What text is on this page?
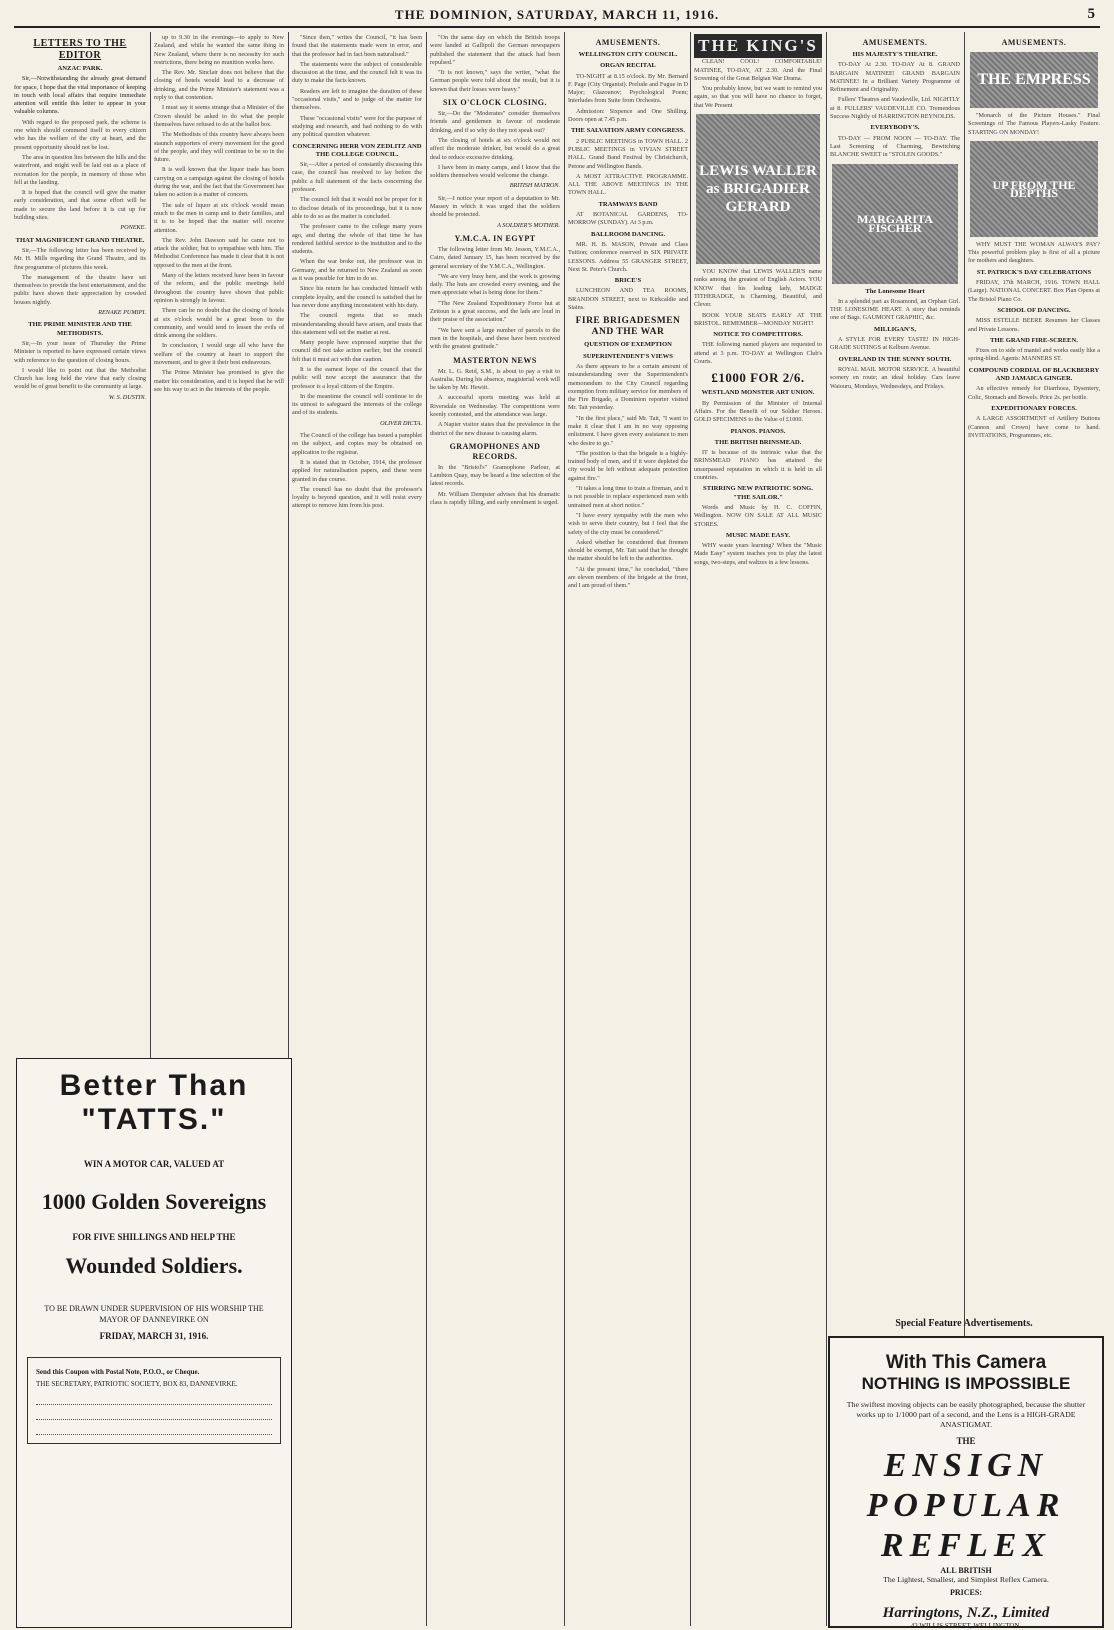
THE DOMINION, SATURDAY, MARCH 11, 1916.	5
LETTERS TO THE EDITOR
ANZAC PARK.

Sir,—Notwithstanding the already great demand for space, I hope that the vital importance of keeping in touch with local affairs that require immediate attention will entitle this letter to appear in your valuable columns.

With regard to the proposed park, the scheme is one which should commend itself to every citizen who has the welfare of the city at heart, and the present opportunity should not be lost.

The area in question lies between the hills and the waterfront, and might well be laid out as a place of recreation for the people, in memory of those who fell at the landing.

It is hoped that the council will give the matter early consideration, and that some effort will be made to secure the land before it is cut up for building sites.

PONEKE.
THAT MAGNIFICENT GRAND THEATRE.

Sir,—The following letter has been received by Mr. H. Mills regarding the Grand Theatre, and its fine programme of pictures this week.

The management of the theatre have set themselves to provide the best entertainment, and the public have shown their appreciation by crowded houses nightly.

RENAKE PUMIPI.
THE PRIME MINISTER AND THE METHODISTS.

Sir,—In your issue of Thursday the Prime Minister is reported to have expressed certain views with reference to the question of closing hours.

I would like to point out that the Methodist Church has long held the view that early closing would be of great benefit to the community at large.

W. S. DUSTIN.
Better Than "TATTS."
WIN A MOTOR CAR, VALUED AT
1000 Golden Sovereigns
FOR FIVE SHILLINGS AND HELP THE
Wounded Soldiers.
TO BE DRAWN UNDER SUPERVISION OF HIS WORSHIP THE MAYOR OF DANNEVIRKE ON
FRIDAY, MARCH 31, 1916.
Send this Coupon with Postal Note, P.O.O., or Cheque.
THE SECRETARY, PATRIOTIC SOCIETY, BOX 83, DANNEVIRKE.

up to 9.30 in the evenings—to apply to New Zealand, and while he wanted the same thing in New Zealand, where there is no necessity for such restrictions, there being no munition works here.

The Rev. Mr. Sinclair does not believe that the closing of hotels would lead to a decrease of drinking, and the Prime Minister's statement was a reply to that contention.

I must say it seems strange that a Minister of the Crown should be asked to do what the people themselves have refused to do at the ballot box.

The Methodists of this country have always been staunch supporters of every movement for the good of the people, and they will continue to be so in the future.

It is well known that the liquor trade has been carrying on a campaign against the closing of hotels during the war, and the fact that the Government has taken no action is a matter of concern.

The sale of liquor at six o'clock would mean much to the men in camp and to their families, and it is to be hoped that the matter will receive attention.

The Rev. John Dawson said he came not to attack the soldier, but to sympathise with him. The Methodist Conference has made it clear that it is not opposed to the men at the front.

Many of the letters received have been in favour of the reform, and the public meetings held throughout the country have shown that public opinion is strongly in favour.

There can be no doubt that the closing of hotels at six o'clock would be a great boon to the community, and would tend to lessen the evils of drink among the soldiers.

In conclusion, I would urge all who have the welfare of the country at heart to support the movement, and to give it their best endeavours.

The Prime Minister has promised to give the matter his consideration, and it is hoped that he will see his way to act in the interests of the people.

"Since then," writes the Council, "it has been found that the statements made were in error, and that the professor had in fact been naturalised."

The statements were the subject of considerable discussion at the time, and the council felt it was its duty to make the facts known.

Readers are left to imagine the duration of these "occasional visits," and to judge of the matter for themselves.

These "occasional visits" were for the purpose of studying and research, and had nothing to do with any political question whatever.

CONCERNING HERR VON ZEDLITZ AND THE COLLEGE COUNCIL.

Sir,—After a period of constantly discussing this case, the council has resolved to lay before the public a full statement of the facts concerning the professor.

The council felt that it would not be proper for it to disclose details of its proceedings, but it is now able to do so as the matter is concluded.

The professor came to the college many years ago, and during the whole of that time he has rendered faithful service to the institution and to the students.

When the war broke out, the professor was in Germany, and he returned to New Zealand as soon as it was possible for him to do so.

Since his return he has conducted himself with complete loyalty, and the council is satisfied that he has never done anything inconsistent with his duty.

The council regrets that so much misunderstanding should have arisen, and trusts that this statement will set the matter at rest.

Many people have expressed surprise that the council did not take action earlier, but the council felt that it must act with due caution.

It is the earnest hope of the council that the public will now accept the assurance that the professor is a loyal citizen of the Empire.

In the meantime the council will continue to do its utmost to safeguard the interests of the college and of its students.

OLIVER DICTA.

The Council of the college has issued a pamphlet on the subject, and copies may be obtained on application to the registrar.

It is stated that in October, 1914, the professor applied for naturalisation papers, and these were granted in due course.

The council has no doubt that the professor's loyalty is beyond question, and it will resist every attempt to remove him from his post.

"On the same day on which the British troops were landed at Gallipoli the German newspapers published the statement that the attack had been repulsed."

"It is not known," says the writer, "what the German people were told about the result, but it is known that their losses were heavy."

SIX O'CLOCK CLOSING.

Sir,—Do the "Moderates" consider themselves friends and gentlemen in favour of moderate drinking, and if so why do they not speak out?

The closing of hotels at six o'clock would not affect the moderate drinker, but would do a great deal to reduce excessive drinking.

I have been in many camps, and I know that the soldiers themselves would welcome the change.

BRITISH MATRON.

Sir,—I notice your report of a deputation to Mr. Massey in which it was urged that the soldiers should be protected.

A SOLDIER'S MOTHER.
Y.M.C.A. IN EGYPT

The following letter from Mr. Jesson, Y.M.C.A., Cairo, dated January 15, has been received by the general secretary of the Y.M.C.A., Wellington.

"We are very busy here, and the work is growing daily. The huts are crowded every evening, and the men appreciate what is being done for them."

"The New Zealand Expeditionary Force hut at Zeitoun is a great success, and the lads are loud in their praise of the association."

"We have sent a large number of parcels to the men in the hospitals, and these have been received with the greatest gratitude."

MASTERTON NEWS

Mr. L. G. Reid, S.M., is about to pay a visit to Australia. During his absence, magisterial work will be taken by Mr. Hewitt.

A successful sports meeting was held at Riversdale on Wednesday. The competitions were keenly contested, and the attendance was large.

A Napier visitor states that the prevalence in the district of the new disease is causing alarm.

GRAMOPHONES AND RECORDS.

In the "Bristol's" Gramophone Parlour, at Lambton Quay, may be heard a fine selection of the latest records.

Mr. William Dempster advises that his dramatic class is rapidly filling, and early enrolment is urged.

AMUSEMENTS.
WELLINGTON CITY COUNCIL.
ORGAN RECITAL

TO-NIGHT at 8.15 o'clock. By Mr. Bernard F. Page (City Organist). Prelude and Fugue in D Major; Glazounov; Psychological Poem; Interludes from Suite from Orchestra.

Admission: Sixpence and One Shilling. Doors open at 7.45 p.m.

THE SALVATION ARMY CONGRESS.

2 PUBLIC MEETINGS in TOWN HALL. 2 PUBLIC MEETINGS in VIVIAN STREET HALL. Grand Band Festival by Christchurch, Petone and Wellington Bands.

A MOST ATTRACTIVE PROGRAMME. ALL THE ABOVE MEETINGS IN THE TOWN HALL.

TRAMWAYS BAND

AT BOTANICAL GARDENS, TO-MORROW (SUNDAY). At 3 p.m.

BALLROOM DANCING.

MR. H. B. MASON, Private and Class Tuition; conference reserved in SIX PRIVATE LESSONS. Address 55 GRANGER STREET, Next St. Peter's Church.

BRICE'S

LUNCHEON AND TEA ROOMS, BRANDON STREET, next to Kirkcaldie and Stains.

FIRE BRIGADESMEN AND THE WAR
QUESTION OF EXEMPTION
SUPERINTENDENT'S VIEWS

As there appears to be a certain amount of misunderstanding over the Superintendent's memorandum to the City Council regarding exemption from military service for members of the Fire Brigade, a Dominion reporter visited Mr. Tait yesterday.

"In the first place," said Mr. Tait, "I want to make it clear that I am in no way opposing enlistment. I have given every assistance to men who desire to go."

"The position is that the brigade is a highly-trained body of men, and if it were depleted the city would be left without adequate protection against fire."

"It takes a long time to train a fireman, and it is not possible to replace experienced men with untrained men at short notice."

"I have every sympathy with the men who wish to serve their country, but I feel that the safety of the city must be considered."

Asked whether he considered that firemen should be exempt, Mr. Tait said that he thought the matter should be left to the authorities.

"At the present time," he concluded, "there are eleven members of the brigade at the front, and I am proud of them."

THE KING'S

CLEAN! COOL! COMFORTABLE! MATINEE, TO-DAY, AT 2.30. And the Final Screening of the Great Belgian War Drama.

You probably know, but we want to remind you again, so that you will have no chance to forget, that We Present

LEWIS WALLER as BRIGADIER GERARD

YOU KNOW that LEWIS WALLER'S name ranks among the greatest of English Actors. YOU KNOW that his leading lady, MADGE TITHERADGE, is Charming, Beautiful, and Clever.

BOOK YOUR SEATS EARLY AT THE BRISTOL. REMEMBER—MONDAY NIGHT!

NOTICE TO COMPETITORS.

THE following named players are requested to attend at 3 p.m. TO-DAY at Wellington Club's Courts.

£1000 FOR 2/6.
WESTLAND MONSTER ART UNION.

By Permission of the Minister of Internal Affairs. For the Benefit of our Soldier Heroes. GOLD SPECIMENS to the Value of £1000.

PIANOS. PIANOS.
THE BRITISH BRINSMEAD.

IT is because of its intrinsic value that the BRINSMEAD PIANO has attained the unsurpassed reputation in which it is held in all countries.

STIRRING NEW PATRIOTIC SONG. "THE SAILOR."

Words and Music by H. C. COFFIN, Wellington. NOW ON SALE AT ALL MUSIC STORES.

MUSIC MADE EASY.

WHY waste years learning? When the "Music Made Easy" system teaches you to play the latest songs, two-steps, and waltzes in a few lessons.

AMUSEMENTS.
HIS MAJESTY'S THEATRE.

TO-DAY At 2.30. TO-DAY At 8. GRAND BARGAIN MATINEE! GRAND BARGAIN MATINEE! In a Brilliant Variety Programme of Refinement and Originality.

Fullers' Theatres and Vaudeville, Ltd. NIGHTLY at 8. FULLERS' VAUDEVILLE CO. Tremendous Success Nightly of HARRINGTON REYNOLDS.

EVERYBODY'S.

TO-DAY — FROM NOON — TO-DAY. The Last Screening of Charming, Bewitching BLANCHE SWEET in "STOLEN GOODS."

MARGARITA FISCHER
The Lonesome Heart

In a splendid part as Rosamond, an Orphan Girl. THE LONESOME HEART. A story that reminds one of Bags. GAUMONT GRAPHIC, &c.

MILLIGAN'S,

A STYLE FOR EVERY TASTE! IN HIGH-GRADE SUITINGS at Kelburn Avenue.

OVERLAND IN THE SUNNY SOUTH.

ROYAL MAIL MOTOR SERVICE. A beautiful scenery en route; an ideal holiday. Cars leave Waiouru, Mondays, Wednesdays, and Fridays.

AMUSEMENTS.
THE EMPRESS

"Monarch of the Picture Houses." Final Screenings of The Famous Players-Lasky Feature. STARTING ON MONDAY!

UP FROM THE DEPTHS

WHY MUST THE WOMAN ALWAYS PAY? This powerful problem play is first of all a picture for mothers and daughters.

ST. PATRICK'S DAY CELEBRATIONS

FRIDAY, 17th MARCH, 1916. TOWN HALL (Large). NATIONAL CONCERT. Box Plan Opens at The Bristol Piano Co.

SCHOOL OF DANCING.

MISS ESTELLE BEERE Resumes her Classes and Private Lessons.

THE GRAND FIRE-SCREEN.

Fixes on to side of mantel and works easily like a spring-blind. Agents: MANNERS ST.

COMPOUND CORDIAL OF BLACKBERRY AND JAMAICA GINGER.

An effective remedy for Diarrhoea, Dysentery, Colic, Stomach and Bowels. Price 2s. per bottle.

EXPEDITIONARY FORCES.

A LARGE ASSORTMENT of Artillery Buttons (Cannon and Crown) have come to hand. INVITATIONS, Programmes, etc.

Special Feature Advertisements.
With This Camera
NOTHING IS IMPOSSIBLE
The swiftest moving objects can be easily photographed, because the shutter works up to 1/1000 part of a second, and the Lens is a HIGH-GRADE ANASTIGMAT.
THE
ENSIGN
POPULAR
REFLEX
ALL BRITISH
The Lightest, Smallest, and Simplest Reflex Camera.
PRICES:
Harringtons, N.Z., Limited
42 WILLIS STREET, WELLINGTON.
